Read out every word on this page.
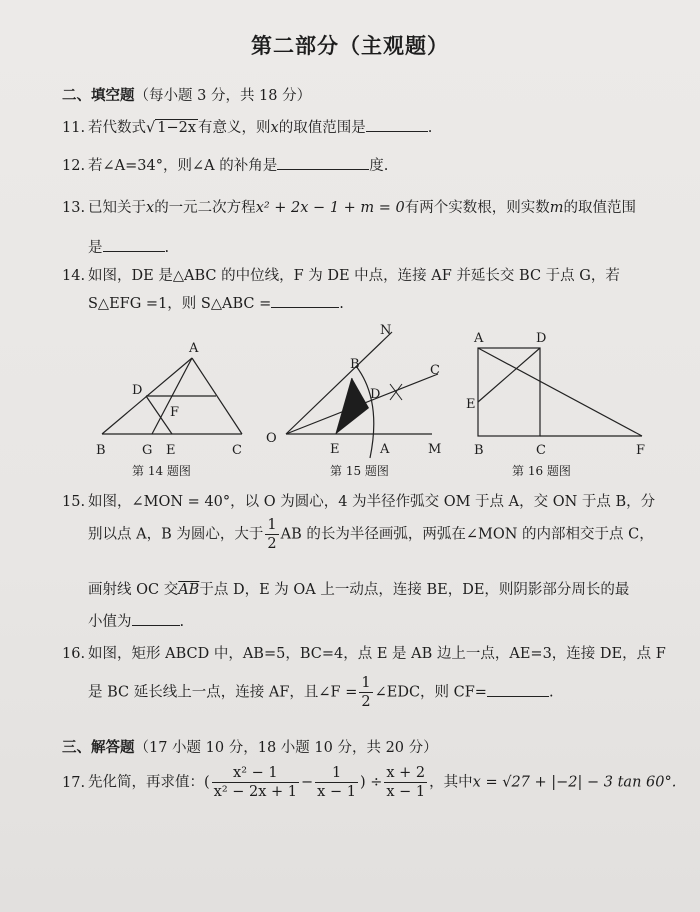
第二部分（主观题）
二、填空题（每小题 3 分，共 18 分）
11. 若代数式√ 1−2x 有意义，则x的取值范围是	.
12. 若∠A=34°，则∠A 的补角是	度.
13. 已知关于x的一元二次方程x² + 2x − 1 + m = 0有两个实数根，则实数m的取值范围
是	.
14. 如图，DE 是△ABC 的中位线，F 为 DE 中点，连接 AF 并延长交 BC 于点 G，若
S△EFG =1，则 S△ABC =	.
A
D
F
B	G E	C
第 14 题图
N
B
D
C
O
E	A	M
第 15 题图
A	D
E
B	C	F
第 16 题图
15. 如图，∠MON = 40°，以 O 为圆心，4 为半径作弧交 OM 于点 A，交 ON 于点 B，分
别以点 A，B 为圆心，大于 $\frac{1}{2}$ AB 的长为半径画弧，两弧在∠MON 的内部相交于点 C，
画射线 OC 交$\overline{AB}$于点 D，E 为 OA 上一动点，连接 BE，DE，则阴影部分周长的最
小值为	.
16. 如图，矩形 ABCD 中，AB=5，BC=4，点 E 是 AB 边上一点，AE=3，连接 DE，点 F
是 BC 延长线上一点，连接 AF，且∠F = $\frac{1}{2}$ ∠EDC，则 CF=	.
三、解答题（17 小题 10 分，18 小题 10 分，共 20 分）
17. 先化简，再求值：( $\frac{\text{x² − 1}}{\text{x² − 2x + 1}} - \frac{1}{x - 1}$ ) ÷ $\frac{x + 2}{x - 1}$ ，其中x = √27 + |−2| − 3 tan 60°.
